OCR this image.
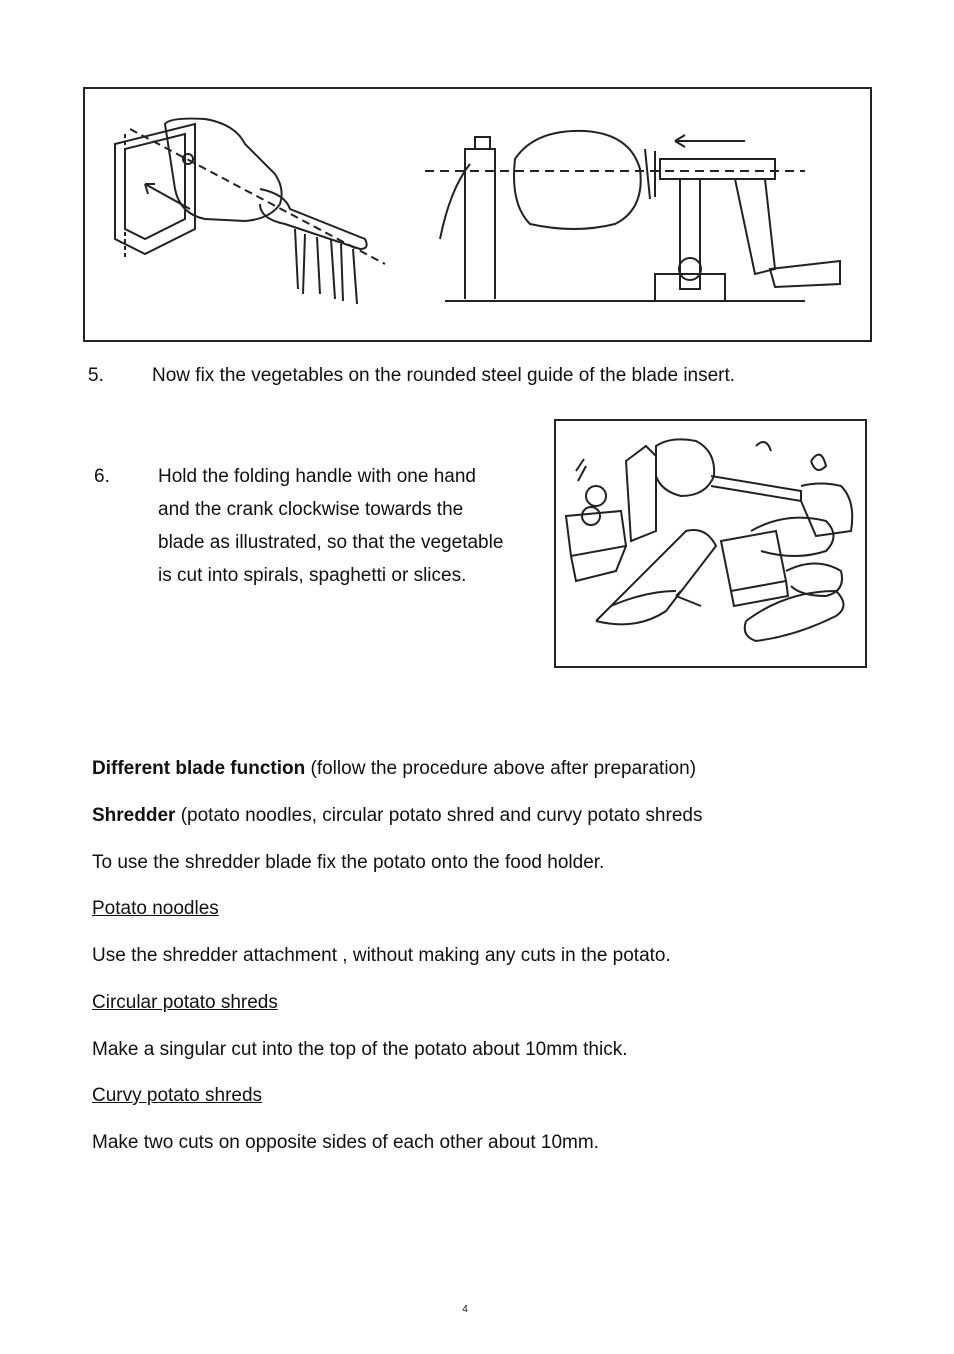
5.	Now fix the vegetables on the rounded steel guide of the blade insert.
6.	Hold the folding handle with one hand
and the crank clockwise towards the
blade as illustrated, so that the vegetable
is cut into spirals, spaghetti or slices.
Different blade function (follow the procedure above after preparation)
Shredder (potato noodles, circular potato shred and curvy potato shreds
To use the shredder blade fix the potato onto the food holder.
Potato noodles
Use the shredder attachment , without making any cuts in the potato.
Circular potato shreds
Make a singular cut into the top of the potato about 10mm thick.
Curvy potato shreds
Make two cuts on opposite sides of each other about 10mm.
4
